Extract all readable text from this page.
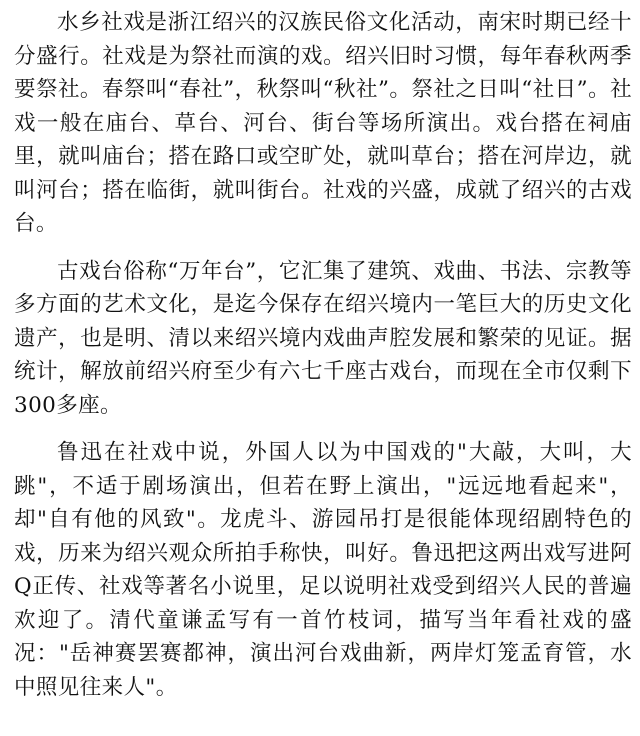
水乡社戏是浙江绍兴的汉族民俗文化活动，南宋时期已经十分盛行。社戏是为祭社而演的戏。绍兴旧时习惯，每年春秋两季要祭社。春祭叫“春社”，秋祭叫“秋社”。祭社之日叫“社日”。社戏一般在庙台、草台、河台、街台等场所演出。戏台搭在祠庙里，就叫庙台；搭在路口或空旷处，就叫草台；搭在河岸边，就叫河台；搭在临街，就叫街台。社戏的兴盛，成就了绍兴的古戏台。

古戏台俗称“万年台”，它汇集了建筑、戏曲、书法、宗教等多方面的艺术文化，是迄今保存在绍兴境内一笔巨大的历史文化遗产，也是明、清以来绍兴境内戏曲声腔发展和繁荣的见证。据统计，解放前绍兴府至少有六七千座古戏台，而现在全市仅剩下300多座。

鲁迅在社戏中说，外国人以为中国戏的"大敲，大叫，大跳"，不适于剧场演出，但若在野上演出，"远远地看起来"，却"自有他的风致"。龙虎斗、游园吊打是很能体现绍剧特色的戏，历来为绍兴观众所拍手称快，叫好。鲁迅把这两出戏写进阿Q正传、社戏等著名小说里，足以说明社戏受到绍兴人民的普遍欢迎了。清代童谦孟写有一首竹枝词，描写当年看社戏的盛况："岳神赛罢赛都神，演出河台戏曲新，两岸灯笼孟育管，水中照见往来人"。
